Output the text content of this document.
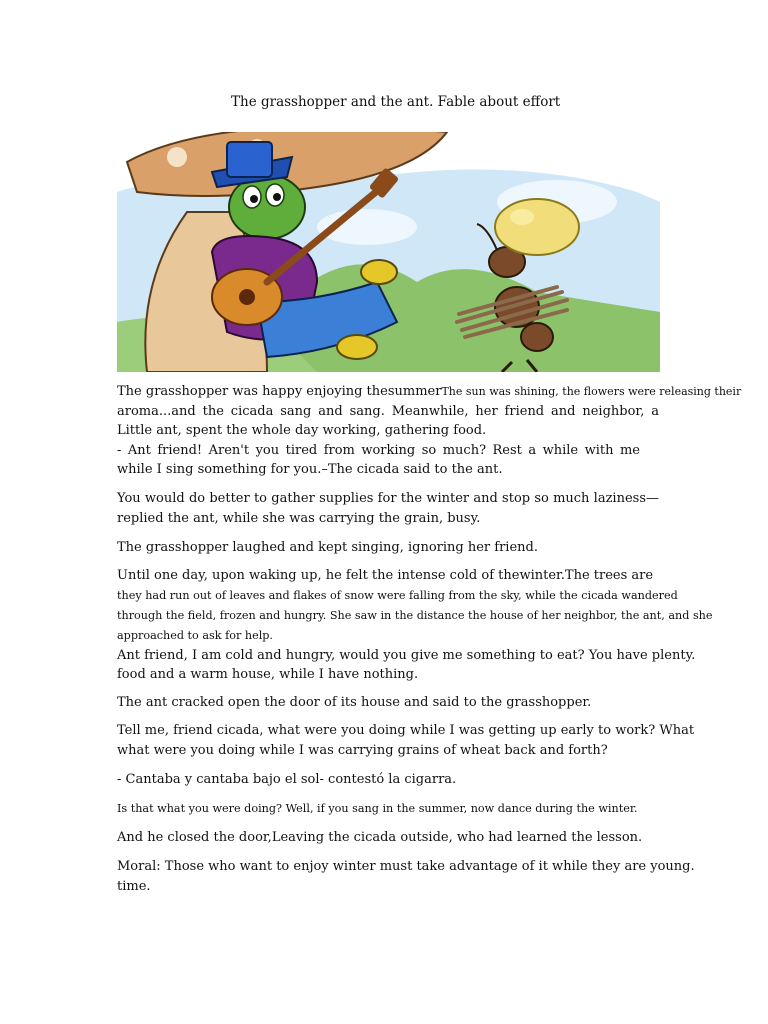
The grasshopper and the ant. Fable about effort

The grasshopper was happy enjoying thesummerThe sun was shining, the flowers were releasing their
aroma...and the cicada sang and sang. Meanwhile, her friend and neighbor, a
Little ant, spent the whole day working, gathering food.
- Ant friend! Aren't you tired from working so much? Rest a while with me
while I sing something for you.–The cicada said to the ant.

You would do better to gather supplies for the winter and stop so much laziness—replied the ant, while she was carrying the grain, busy.

The grasshopper laughed and kept singing, ignoring her friend.

Until one day, upon waking up, he felt the intense cold of thewinter.The trees are
they had run out of leaves and flakes of snow were falling from the sky, while the cicada wandered
through the field, frozen and hungry. She saw in the distance the house of her neighbor, the ant, and she
approached to ask for help.
Ant friend, I am cold and hungry, would you give me something to eat? You have plenty.
food and a warm house, while I have nothing.

The ant cracked open the door of its house and said to the grasshopper.

Tell me, friend cicada, what were you doing while I was getting up early to work? What
what were you doing while I was carrying grains of wheat back and forth?

- Cantaba y cantaba bajo el sol- contestó la cigarra.

Is that what you were doing? Well, if you sang in the summer, now dance during the winter.

And he closed the door,Leaving the cicada outside, who had learned the lesson.

Moral: Those who want to enjoy winter must take advantage of it while they are young.
time.
